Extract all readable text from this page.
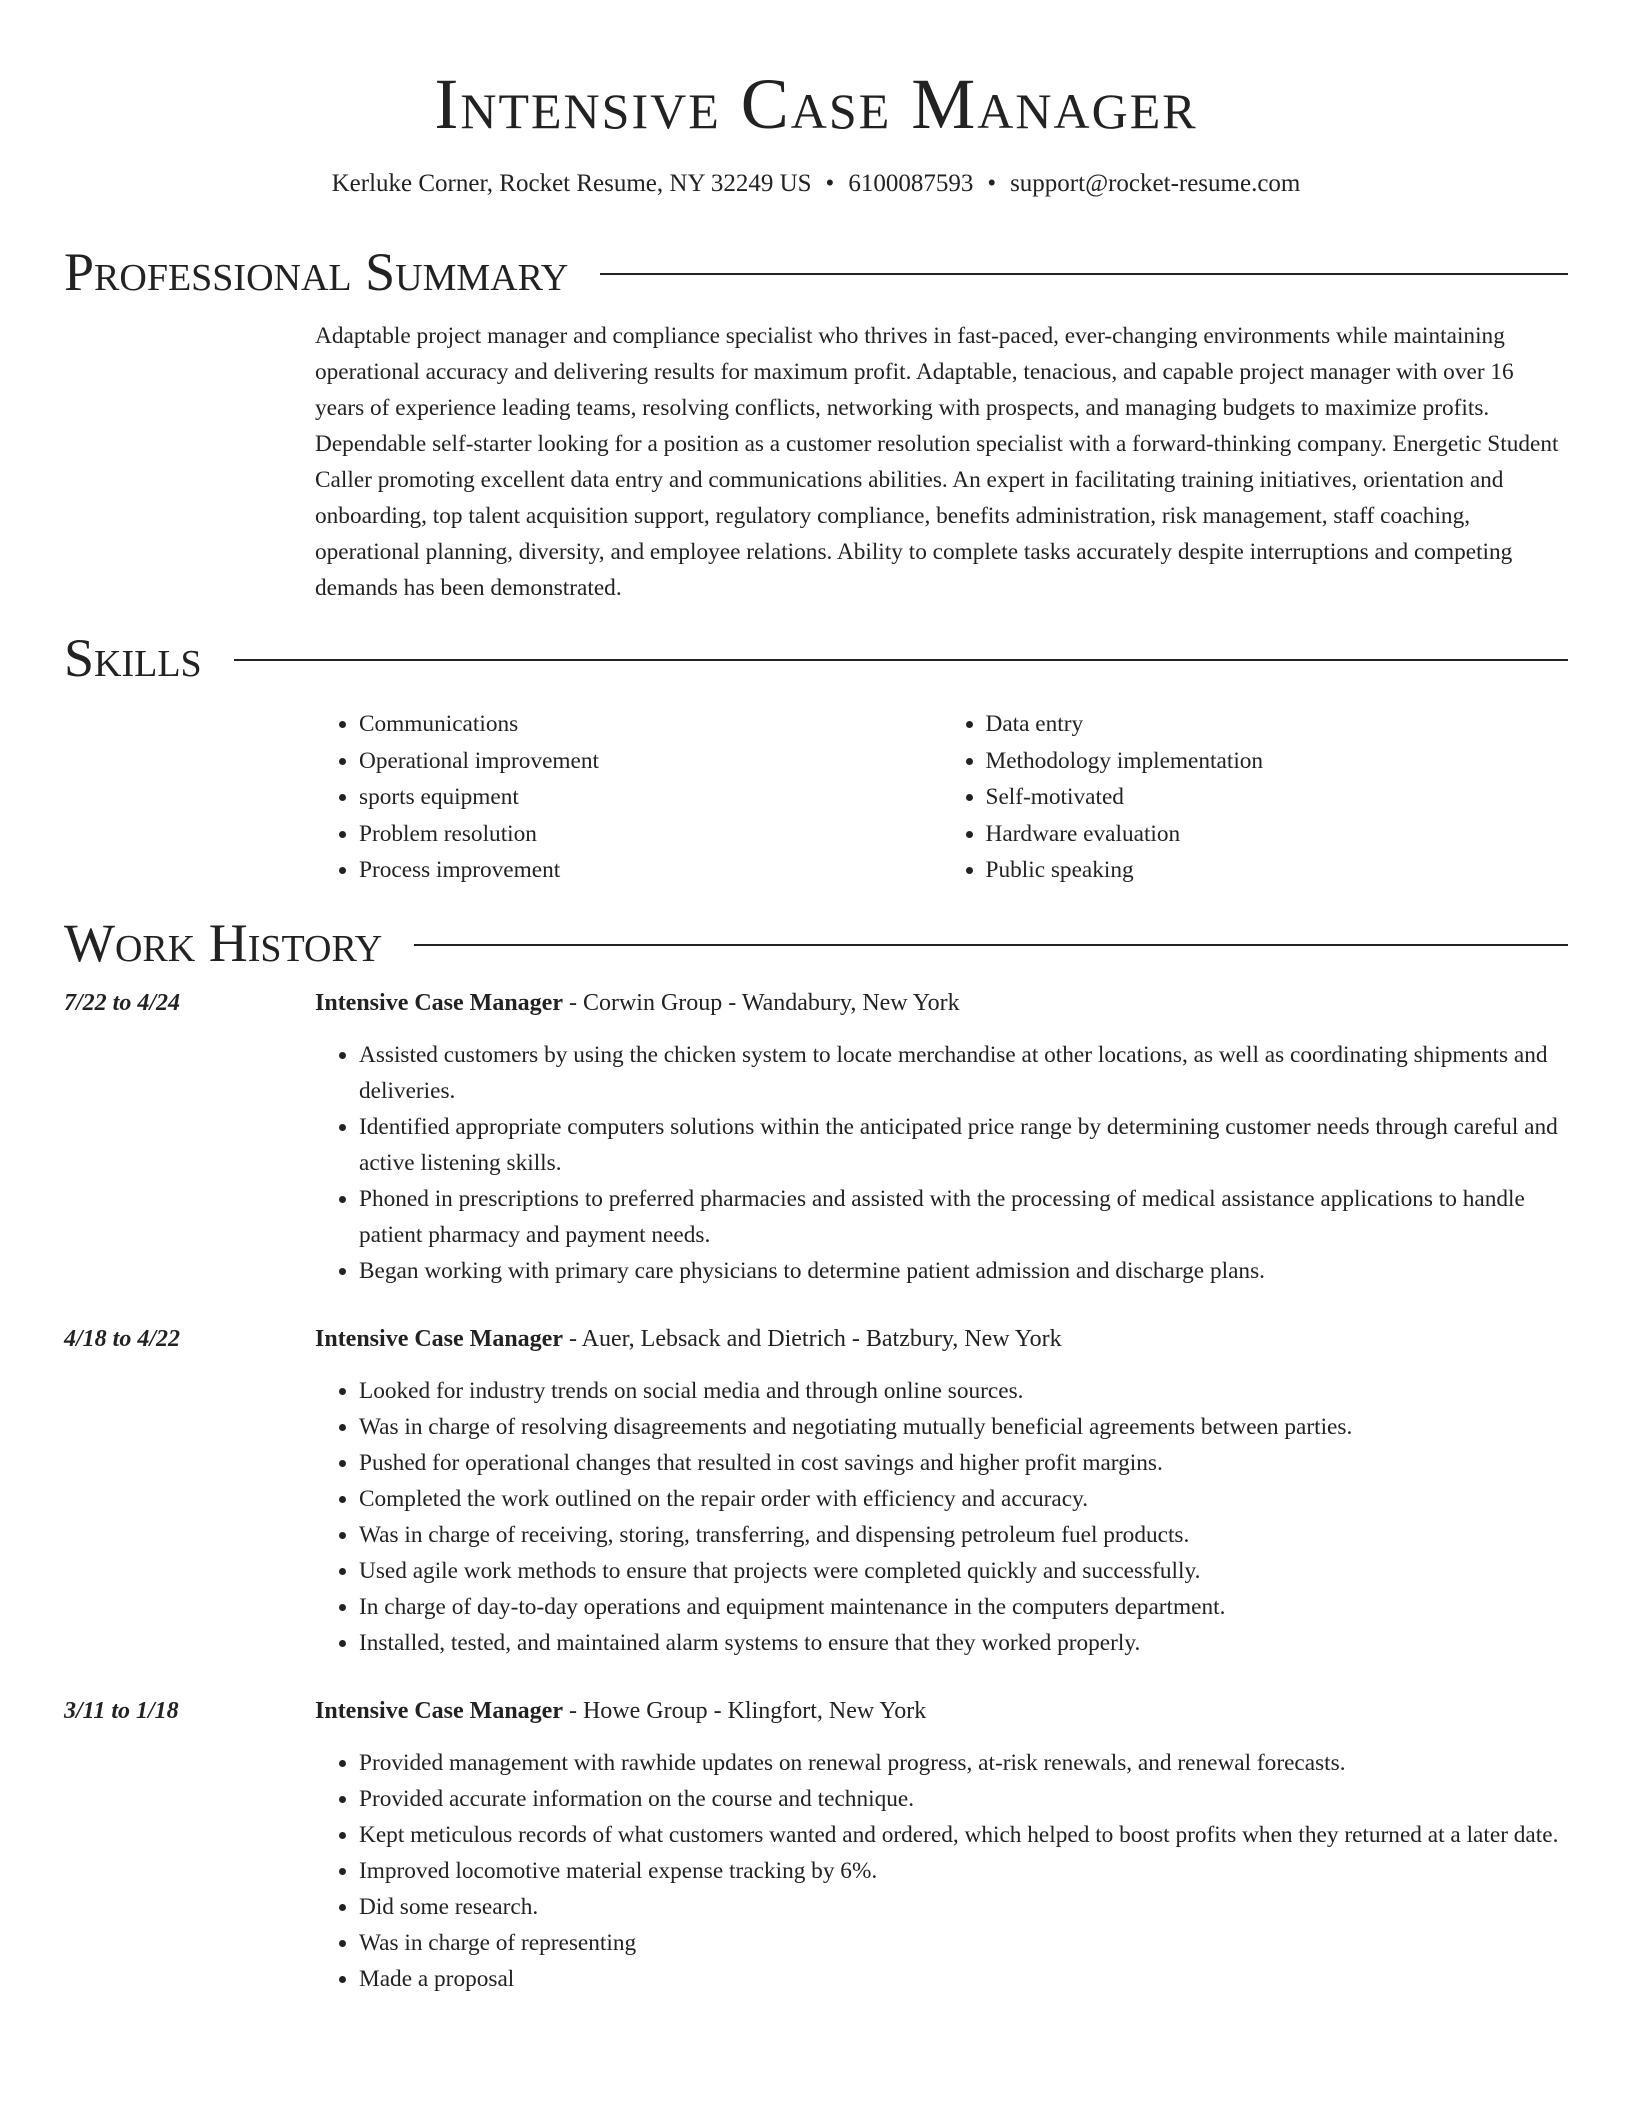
Intensive Case Manager
Kerluke Corner, Rocket Resume, NY 32249 US • 6100087593 • support@rocket-resume.com
Professional Summary
Adaptable project manager and compliance specialist who thrives in fast-paced, ever-changing environments while maintaining operational accuracy and delivering results for maximum profit. Adaptable, tenacious, and capable project manager with over 16 years of experience leading teams, resolving conflicts, networking with prospects, and managing budgets to maximize profits. Dependable self-starter looking for a position as a customer resolution specialist with a forward-thinking company. Energetic Student Caller promoting excellent data entry and communications abilities. An expert in facilitating training initiatives, orientation and onboarding, top talent acquisition support, regulatory compliance, benefits administration, risk management, staff coaching, operational planning, diversity, and employee relations. Ability to complete tasks accurately despite interruptions and competing demands has been demonstrated.
Skills
• Communications
• Operational improvement
• sports equipment
• Problem resolution
• Process improvement
• Data entry
• Methodology implementation
• Self-motivated
• Hardware evaluation
• Public speaking
Work History
7/22 to 4/24	Intensive Case Manager - Corwin Group - Wandabury, New York
• Assisted customers by using the chicken system to locate merchandise at other locations, as well as coordinating shipments and deliveries.
• Identified appropriate computers solutions within the anticipated price range by determining customer needs through careful and active listening skills.
• Phoned in prescriptions to preferred pharmacies and assisted with the processing of medical assistance applications to handle patient pharmacy and payment needs.
• Began working with primary care physicians to determine patient admission and discharge plans.
4/18 to 4/22	Intensive Case Manager - Auer, Lebsack and Dietrich - Batzbury, New York
• Looked for industry trends on social media and through online sources.
• Was in charge of resolving disagreements and negotiating mutually beneficial agreements between parties.
• Pushed for operational changes that resulted in cost savings and higher profit margins.
• Completed the work outlined on the repair order with efficiency and accuracy.
• Was in charge of receiving, storing, transferring, and dispensing petroleum fuel products.
• Used agile work methods to ensure that projects were completed quickly and successfully.
• In charge of day-to-day operations and equipment maintenance in the computers department.
• Installed, tested, and maintained alarm systems to ensure that they worked properly.
3/11 to 1/18	Intensive Case Manager - Howe Group - Klingfort, New York
• Provided management with rawhide updates on renewal progress, at-risk renewals, and renewal forecasts.
• Provided accurate information on the course and technique.
• Kept meticulous records of what customers wanted and ordered, which helped to boost profits when they returned at a later date.
• Improved locomotive material expense tracking by 6%.
• Did some research.
• Was in charge of representing
• Made a proposal
